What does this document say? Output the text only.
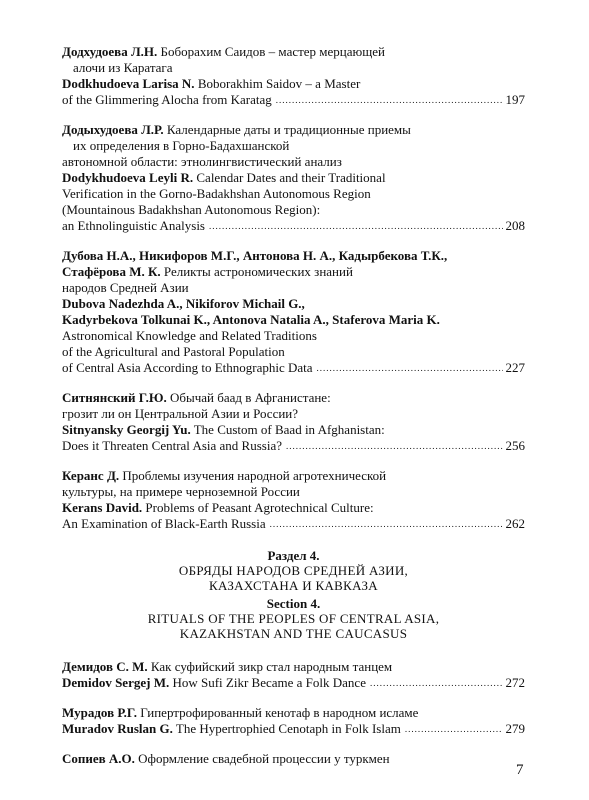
Додхудоева Л.Н. Боборахим Саидов – мастер мерцающей
алочи из Каратага
Dodkhudoeva Larisa N. Boborakhim Saidov – a Master
of the Glimmering Alocha from Karatag .....	197
Додыхудоева Л.Р. Календарные даты и традиционные приемы
их определения в Горно-Бадахшанской
автономной области: этнолингвистический анализ
Dodykhudoeva Leyli R. Calendar Dates and their Traditional
Verification in the Gorno-Badakhshan Autonomous Region
(Mountainous Badakhshan Autonomous Region):
an Ethnolinguistic Analysis .....	208
Дубова Н.А., Никифоров М.Г., Антонова Н. А., Кадырбекова Т.К.,
Стафёрова М. К. Реликты астрономических знаний
народов Средней Азии
Dubova Nadezhda A., Nikiforov Michail G.,
Kadyrbekova Tolkunai K., Antonova Natalia A., Staferova Maria K.
Astronomical Knowledge and Related Traditions
of the Agricultural and Pastoral Population
of Central Asia According to Ethnographic Data .....	227
Ситнянский Г.Ю. Обычай баад в Афганистане:
грозит ли он Центральной Азии и России?
Sitnyansky Georgij Yu. The Custom of Baad in Afghanistan:
Does it Threaten Central Asia and Russia? .....	256
Керанс Д. Проблемы изучения народной агротехнической
культуры, на примере черноземной России
Kerans David. Problems of Peasant Agrotechnical Culture:
An Examination of Black-Earth Russia .....	262
Раздел 4.
ОБРЯДЫ НАРОДОВ СРЕДНЕЙ АЗИИ,
КАЗАХСТАНА И КАВКАЗА
Section 4.
RITUALS OF THE PEOPLES OF CENTRAL ASIA,
KAZAKHSTAN AND THE CAUCASUS
Демидов С. М. Как суфийский зикр стал народным танцем
Demidov Sergej M. How Sufi Zikr Became a Folk Dance .....	272
Мурадов Р.Г. Гипертрофированный кенотаф в народном исламе
Muradov Ruslan G. The Hypertrophied Cenotaph in Folk Islam .....	279
Сопиев А.О. Оформление свадебной процессии у туркмен
7
